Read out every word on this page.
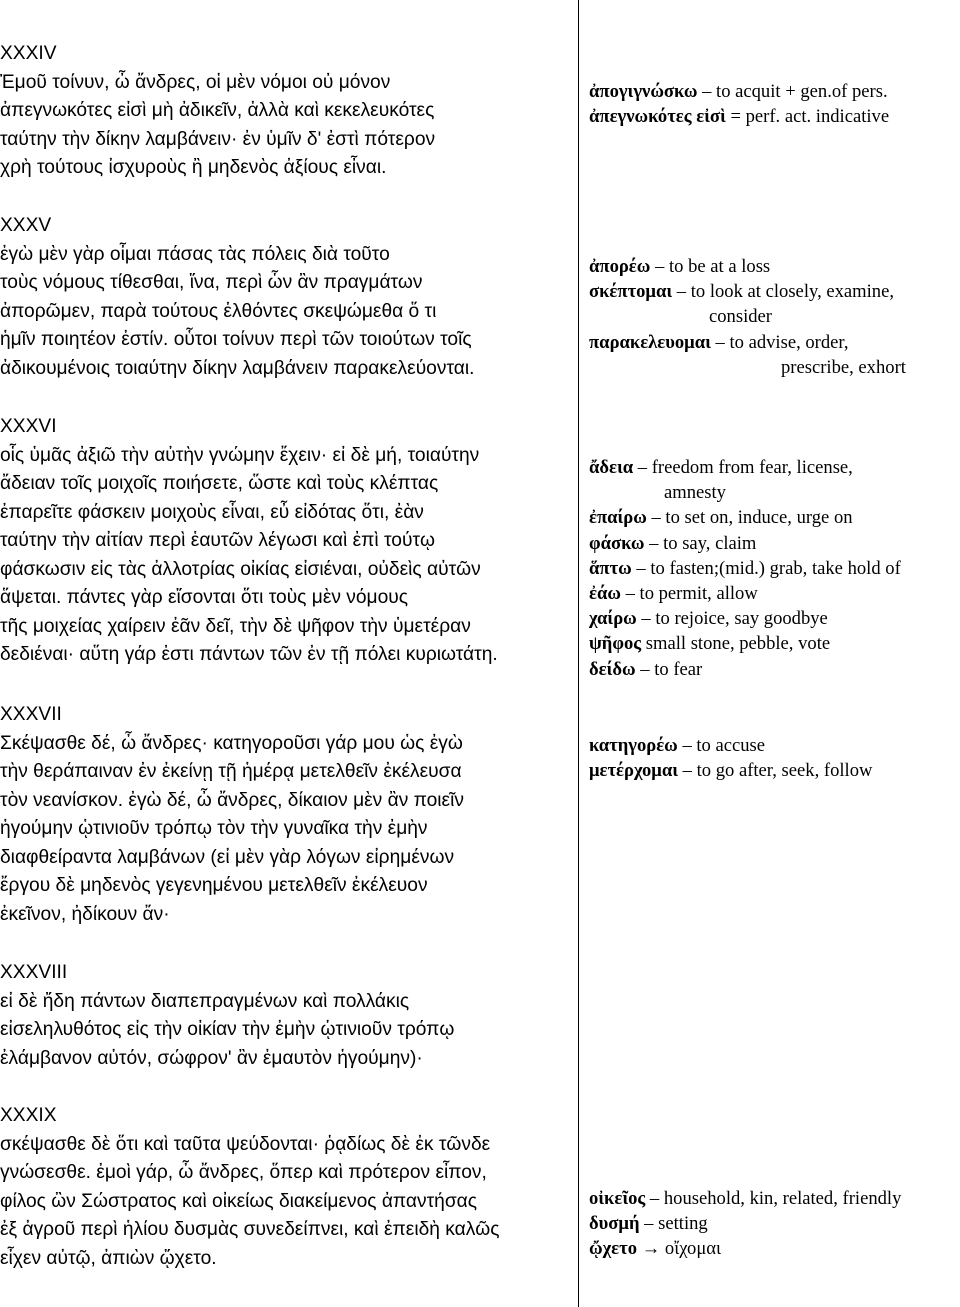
XXXIV
Ἐμοῦ τοίνυν, ὦ ἄνδρες, οἱ μὲν νόμοι οὐ μόνον
ἀπεγνωκότες εἰσὶ μὴ ἀδικεῖν, ἀλλὰ καὶ κεκελευκότες
ταύτην τὴν δίκην λαμβάνειν· ἐν ὑμῖν δ' ἐστὶ πότερον
χρὴ τούτους ἰσχυροὺς ἢ μηδενὸς ἀξίους εἶναι.
ἀπογιγνώσκω – to acquit + gen.of pers.
ἀπεγνωκότες εἰσὶ = perf. act. indicative
XXXV
ἐγὼ μὲν γὰρ οἶμαι πάσας τὰς πόλεις διὰ τοῦτο
τοὺς νόμους τίθεσθαι, ἵνα, περὶ ὧν ἂν πραγμάτων
ἀπορῶμεν, παρὰ τούτους ἐλθόντες σκεψώμεθα ὅ τι
ἡμῖν ποιητέον ἐστίν. οὗτοι τοίνυν περὶ τῶν τοιούτων τοῖς
ἀδικουμένοις τοιαύτην δίκην λαμβάνειν παρακελεύονται.
ἀπορέω – to be at a loss
σκέπτομαι – to look at closely, examine,
consider
παρακελευομαι – to advise, order,
prescribe, exhort
XXXVI
οἷς ὑμᾶς ἀξιῶ τὴν αὐτὴν γνώμην ἔχειν· εἰ δὲ μή, τοιαύτην
ἄδειαν τοῖς μοιχοῖς ποιήσετε, ὥστε καὶ τοὺς κλέπτας
ἐπαρεῖτε φάσκειν μοιχοὺς εἶναι, εὖ εἰδότας ὅτι, ἐὰν
ταύτην τὴν αἰτίαν περὶ ἑαυτῶν λέγωσι καὶ ἐπὶ τούτῳ
φάσκωσιν εἰς τὰς ἀλλοτρίας οἰκίας εἰσιέναι, οὐδεὶς αὐτῶν
ἅψεται. πάντες γὰρ εἴσονται ὅτι τοὺς μὲν νόμους
τῆς μοιχείας χαίρειν ἐᾶν δεῖ, τὴν δὲ ψῆφον τὴν ὑμετέραν
δεδιέναι· αὕτη γάρ ἐστι πάντων τῶν ἐν τῇ πόλει κυριωτάτη.
ἄδεια – freedom from fear, license,
amnesty
ἐπαίρω – to set on, induce, urge on
φάσκω – to say, claim
ἅπτω – to fasten;(mid.) grab, take hold of
ἐάω – to permit, allow
χαίρω – to rejoice, say goodbye
ψῆφος small stone, pebble, vote
δείδω – to fear
XXXVII
Σκέψασθε δέ, ὦ ἄνδρες· κατηγοροῦσι γάρ μου ὡς ἐγὼ
τὴν θεράπαιναν ἐν ἐκείνῃ τῇ ἡμέρᾳ μετελθεῖν ἐκέλευσα
τὸν νεανίσκον. ἐγὼ δέ, ὦ ἄνδρες, δίκαιον μὲν ἂν ποιεῖν
ἡγούμην ᾡτινιοῦν τρόπῳ τὸν τὴν γυναῖκα τὴν ἐμὴν
διαφθείραντα λαμβάνων (εἰ μὲν γὰρ λόγων εἰρημένων
ἔργου δὲ μηδενὸς γεγενημένου μετελθεῖν ἐκέλευον
ἐκεῖνον, ἠδίκουν ἄν·
κατηγορέω – to accuse
μετέρχομαι – to go after, seek, follow
XXXVIII
εἰ δὲ ἤδη πάντων διαπεπραγμένων καὶ πολλάκις
εἰσεληλυθότος εἰς τὴν οἰκίαν τὴν ἐμὴν ᾡτινιοῦν τρόπῳ
ἐλάμβανον αὐτόν, σώφρον' ἂν ἐμαυτὸν ἡγούμην)·
XXXIX
σκέψασθε δὲ ὅτι καὶ ταῦτα ψεύδονται· ῥᾳδίως δὲ ἐκ τῶνδε
γνώσεσθε. ἐμοὶ γάρ, ὦ ἄνδρες, ὅπερ καὶ πρότερον εἶπον,
φίλος ὢν Σώστρατος καὶ οἰκείως διακείμενος ἀπαντήσας
ἐξ ἀγροῦ περὶ ἡλίου δυσμὰς συνεδείπνει, καὶ ἐπειδὴ καλῶς
εἶχεν αὐτῷ, ἀπιὼν ᾤχετο.
οἰκεῖος – household, kin, related, friendly
δυσμή – setting
ᾤχετο → οἴχομαι
